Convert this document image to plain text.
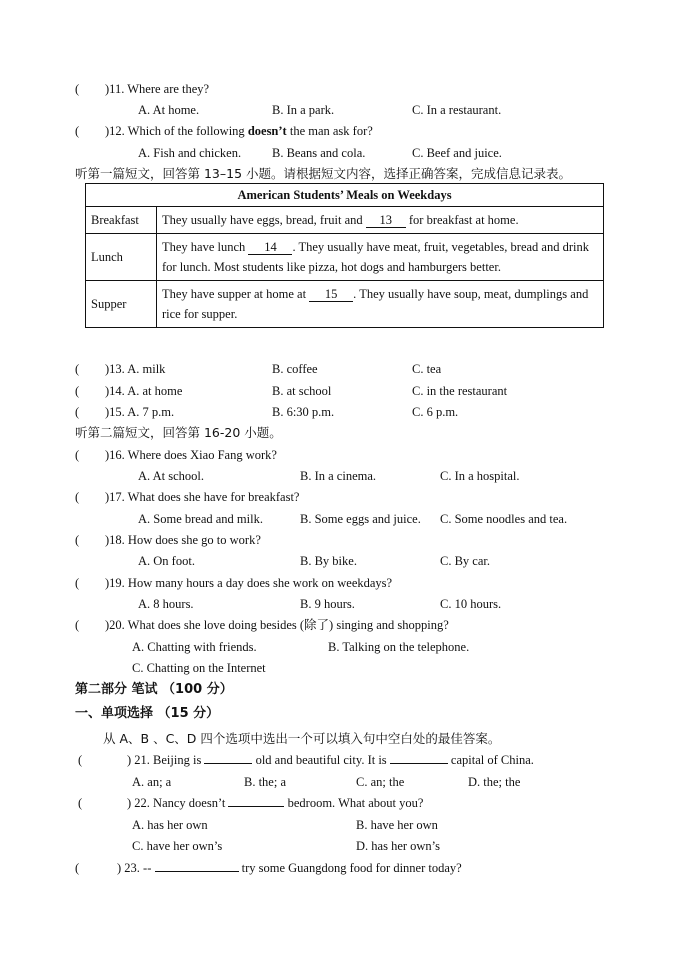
( )11. Where are they?
A. At home.	B. In a park.	C. In a restaurant.
( )12. Which of the following doesn’t the man ask for?
A. Fish and chicken. B. Beans and cola.	C. Beef and juice.
听第一篇短文，回答第 13–15 小题。请根据短文内容，选择正确答案，完成信息记录表。
American Students’ Meals on Weekdays	
Breakfast	They usually have eggs, bread, fruit and 13 for breakfast at home.
Lunch	They have lunch 14 . They usually have meat, fruit, vegetables, bread and drink for lunch. Most students like pizza, hot dogs and hamburgers better.
Supper	They have supper at home at 15 . They usually have soup, meat, dumplings and rice for supper.
( )13. A. milk	B. coffee	C. tea
( )14. A. at home	B. at school	C. in the restaurant
( )15. A. 7 p.m.	B. 6:30 p.m.	C. 6 p.m.
听第二篇短文，回答第 16-20 小题。
( )16. Where does Xiao Fang work?
A. At school.	B. In a cinema.	C. In a hospital.
( )17. What does she have for breakfast?
A. Some bread and milk.	B. Some eggs and juice. C. Some noodles and tea.
( )18. How does she go to work?
A. On foot.	B. By bike.	C. By car.
( )19. How many hours a day does she work on weekdays?
A. 8 hours.	B. 9 hours.	C. 10 hours.
( )20. What does she love doing besides (除了) singing and shopping?
A. Chatting with friends.	B. Talking on the telephone.
C. Chatting on the Internet
第二部分 笔试 （100 分）
一、单项选择 （15 分）
从 A、B 、C、D 四个选项中选出一个可以填入句中空白处的最佳答案。
(	) 21. Beijing is	old and beautiful city. It is	capital of China.
A. an; a	B. the; a	C. an; the	D. the; the
(	) 22. Nancy doesn’t	bedroom. What about you?
A. has her own	B. have her own
C. have her own’s	D. has her own’s
(	) 23. --	try some Guangdong food for dinner today?
